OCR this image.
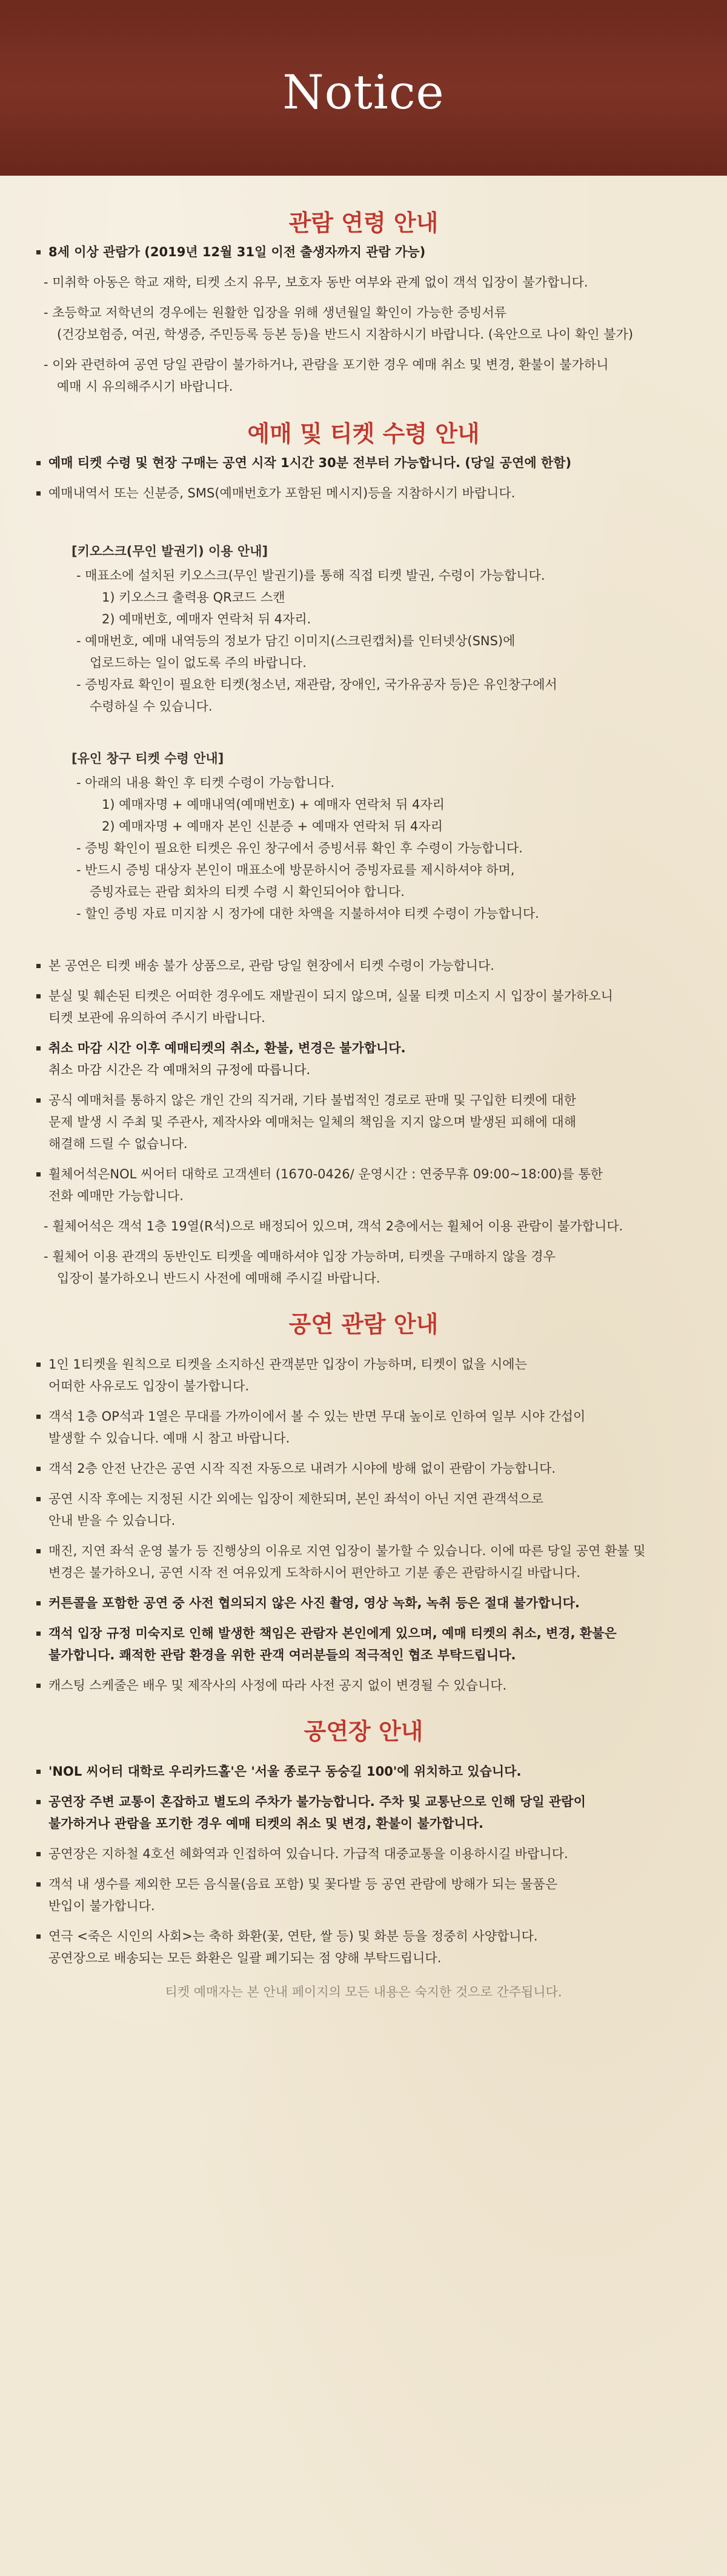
Notice
관람 연령 안내
8세 이상 관람가 (2019년 12월 31일 이전 출생자까지 관람 가능)
- 미취학 아동은 학교 재학, 티켓 소지 유무, 보호자 동반 여부와 관계 없이 객석 입장이 불가합니다.
- 초등학교 저학년의 경우에는 원활한 입장을 위해 생년월일 확인이 가능한 증빙서류
(건강보험증, 여권, 학생증, 주민등록 등본 등)을 반드시 지참하시기 바랍니다. (육안으로 나이 확인 불가)
- 이와 관련하여 공연 당일 관람이 불가하거나, 관람을 포기한 경우 예매 취소 및 변경, 환불이 불가하니
예매 시 유의해주시기 바랍니다.
예매 및 티켓 수령 안내
예매 티켓 수령 및 현장 구매는 공연 시작 1시간 30분 전부터 가능합니다. (당일 공연에 한함)
예매내역서 또는 신분증, SMS(예매번호가 포함된 메시지)등을 지참하시기 바랍니다.
[키오스크(무인 발권기) 이용 안내]
- 매표소에 설치된 키오스크(무인 발권기)를 통해 직접 티켓 발권, 수령이 가능합니다.
1) 키오스크 출력용 QR코드 스캔
2) 예매번호, 예매자 연락처 뒤 4자리.
- 예매번호, 예매 내역등의 정보가 담긴 이미지(스크린캡처)를 인터넷상(SNS)에
업로드하는 일이 없도록 주의 바랍니다.
- 증빙자료 확인이 필요한 티켓(청소년, 재관람, 장애인, 국가유공자 등)은 유인창구에서
수령하실 수 있습니다.
[유인 창구 티켓 수령 안내]
- 아래의 내용 확인 후 티켓 수령이 가능합니다.
1) 예매자명 + 예매내역(예매번호) + 예매자 연락처 뒤 4자리
2) 예매자명 + 예매자 본인 신분증 + 예매자 연락처 뒤 4자리
- 증빙 확인이 필요한 티켓은 유인 창구에서 증빙서류 확인 후 수령이 가능합니다.
- 반드시 증빙 대상자 본인이 매표소에 방문하시어 증빙자료를 제시하셔야 하며,
증빙자료는 관람 회차의 티켓 수령 시 확인되어야 합니다.
- 할인 증빙 자료 미지참 시 정가에 대한 차액을 지불하셔야 티켓 수령이 가능합니다.
본 공연은 티켓 배송 불가 상품으로, 관람 당일 현장에서 티켓 수령이 가능합니다.
분실 및 훼손된 티켓은 어떠한 경우에도 재발권이 되지 않으며, 실물 티켓 미소지 시 입장이 불가하오니
티켓 보관에 유의하여 주시기 바랍니다.
취소 마감 시간 이후 예매티켓의 취소, 환불, 변경은 불가합니다.
취소 마감 시간은 각 예매처의 규정에 따릅니다.
공식 예매처를 통하지 않은 개인 간의 직거래, 기타 불법적인 경로로 판매 및 구입한 티켓에 대한
문제 발생 시 주최 및 주관사, 제작사와 예매처는 일체의 책임을 지지 않으며 발생된 피해에 대해
해결해 드릴 수 없습니다.
휠체어석은NOL 씨어터 대학로 고객센터 (1670-0426/ 운영시간 : 연중무휴 09:00~18:00)를 통한
전화 예매만 가능합니다.
- 휠체어석은 객석 1층 19열(R석)으로 배정되어 있으며, 객석 2층에서는 휠체어 이용 관람이 불가합니다.
- 휠체어 이용 관객의 동반인도 티켓을 예매하셔야 입장 가능하며, 티켓을 구매하지 않을 경우
입장이 불가하오니 반드시 사전에 예매해 주시길 바랍니다.
공연 관람 안내
1인 1티켓을 원칙으로 티켓을 소지하신 관객분만 입장이 가능하며, 티켓이 없을 시에는
어떠한 사유로도 입장이 불가합니다.
객석 1층 OP석과 1열은 무대를 가까이에서 볼 수 있는 반면 무대 높이로 인하여 일부 시야 간섭이
발생할 수 있습니다. 예매 시 참고 바랍니다.
객석 2층 안전 난간은 공연 시작 직전 자동으로 내려가 시야에 방해 없이 관람이 가능합니다.
공연 시작 후에는 지정된 시간 외에는 입장이 제한되며, 본인 좌석이 아닌 지연 관객석으로
안내 받을 수 있습니다.
매진, 지연 좌석 운영 불가 등 진행상의 이유로 지연 입장이 불가할 수 있습니다. 이에 따른 당일 공연 환불 및
변경은 불가하오니, 공연 시작 전 여유있게 도착하시어 편안하고 기분 좋은 관람하시길 바랍니다.
커튼콜을 포함한 공연 중 사전 협의되지 않은 사진 촬영, 영상 녹화, 녹취 등은 절대 불가합니다.
객석 입장 규정 미숙지로 인해 발생한 책임은 관람자 본인에게 있으며, 예매 티켓의 취소, 변경, 환불은
불가합니다. 쾌적한 관람 환경을 위한 관객 여러분들의 적극적인 협조 부탁드립니다.
캐스팅 스케줄은 배우 및 제작사의 사정에 따라 사전 공지 없이 변경될 수 있습니다.
공연장 안내
'NOL 씨어터 대학로 우리카드홀'은 '서울 종로구 동숭길 100'에 위치하고 있습니다.
공연장 주변 교통이 혼잡하고 별도의 주차가 불가능합니다. 주차 및 교통난으로 인해 당일 관람이
불가하거나 관람을 포기한 경우 예매 티켓의 취소 및 변경, 환불이 불가합니다.
공연장은 지하철 4호선 혜화역과 인접하여 있습니다. 가급적 대중교통을 이용하시길 바랍니다.
객석 내 생수를 제외한 모든 음식물(음료 포함) 및 꽃다발 등 공연 관람에 방해가 되는 물품은
반입이 불가합니다.
연극 <죽은 시인의 사회>는 축하 화환(꽃, 연탄, 쌀 등) 및 화분 등을 정중히 사양합니다.
공연장으로 배송되는 모든 화환은 일괄 폐기되는 점 양해 부탁드립니다.
티켓 예매자는 본 안내 페이지의 모든 내용은 숙지한 것으로 간주됩니다.
